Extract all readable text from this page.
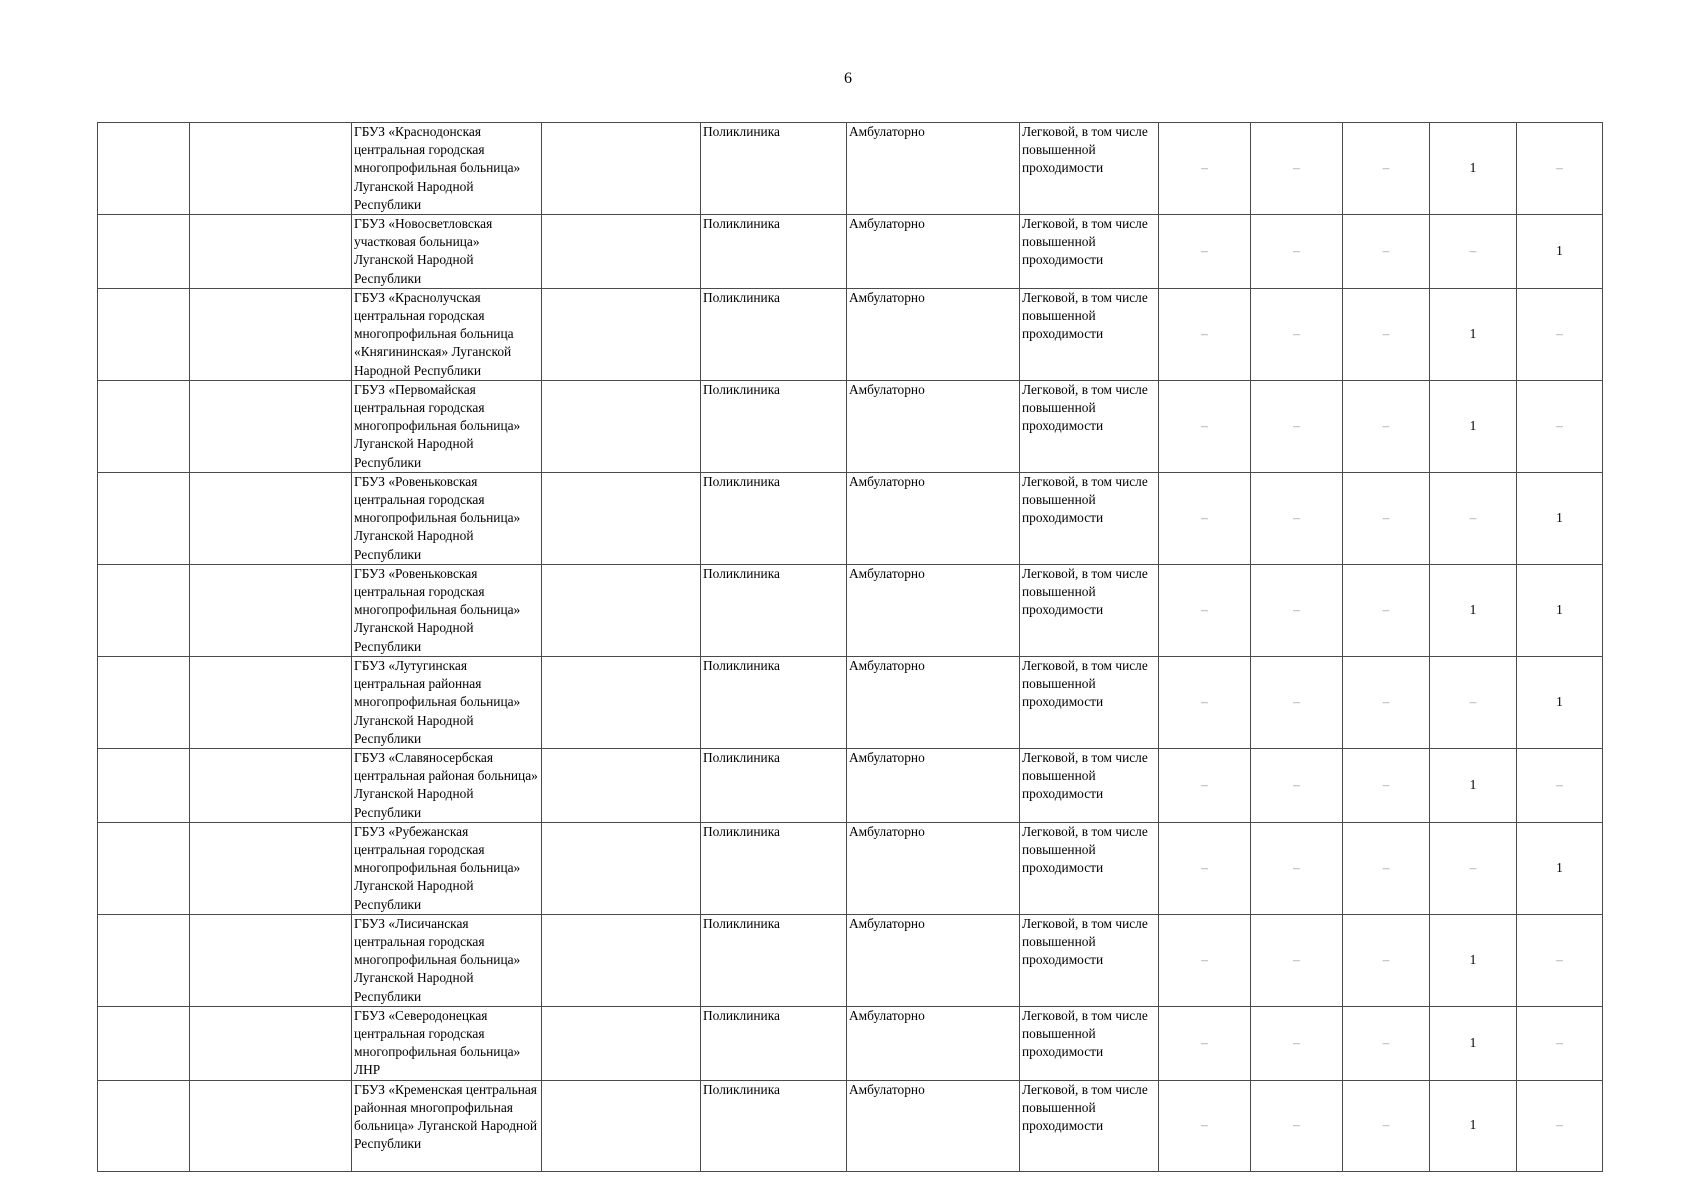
6
		ГБУЗ «Краснодонская центральная городская многопрофильная больница» Луганской Народной Республики		Поликлиника	Амбулаторно	Легковой, в том числе повышенной проходимости	–	–	–	1	–
		ГБУЗ «Новосветловская участковая больница» Луганской Народной Республики		Поликлиника	Амбулаторно	Легковой, в том числе повышенной проходимости	–	–	–	–	1
		ГБУЗ «Краснолучская центральная городская многопрофильная больница «Княгининская» Луганской Народной Республики		Поликлиника	Амбулаторно	Легковой, в том числе повышенной проходимости	–	–	–	1	–
		ГБУЗ «Первомайская центральная городская многопрофильная больница» Луганской Народной Республики		Поликлиника	Амбулаторно	Легковой, в том числе повышенной проходимости	–	–	–	1	–
		ГБУЗ «Ровеньковская центральная городская многопрофильная больница» Луганской Народной Республики		Поликлиника	Амбулаторно	Легковой, в том числе повышенной проходимости	–	–	–	–	1
		ГБУЗ «Ровеньковская центральная городская многопрофильная больница» Луганской Народной Республики		Поликлиника	Амбулаторно	Легковой, в том числе повышенной проходимости	–	–	–	1	1
		ГБУЗ «Лутугинская центральная районная многопрофильная больница» Луганской Народной Республики		Поликлиника	Амбулаторно	Легковой, в том числе повышенной проходимости	–	–	–	–	1
		ГБУЗ «Славяносербская центральная районая больница» Луганской Народной Республики		Поликлиника	Амбулаторно	Легковой, в том числе повышенной проходимости	–	–	–	1	–
		ГБУЗ «Рубежанская центральная городская многопрофильная больница» Луганской Народной Республики		Поликлиника	Амбулаторно	Легковой, в том числе повышенной проходимости	–	–	–	–	1
		ГБУЗ «Лисичанская центральная городская многопрофильная больница» Луганской Народной Республики		Поликлиника	Амбулаторно	Легковой, в том числе повышенной проходимости	–	–	–	1	–
		ГБУЗ «Северодонецкая центральная городская многопрофильная больница» ЛНР		Поликлиника	Амбулаторно	Легковой, в том числе повышенной проходимости	–	–	–	1	–
		ГБУЗ «Кременская центральная районная многопрофильная больница» Луганской Народной Республики		Поликлиника	Амбулаторно	Легковой, в том числе повышенной проходимости	–	–	–	1	–
